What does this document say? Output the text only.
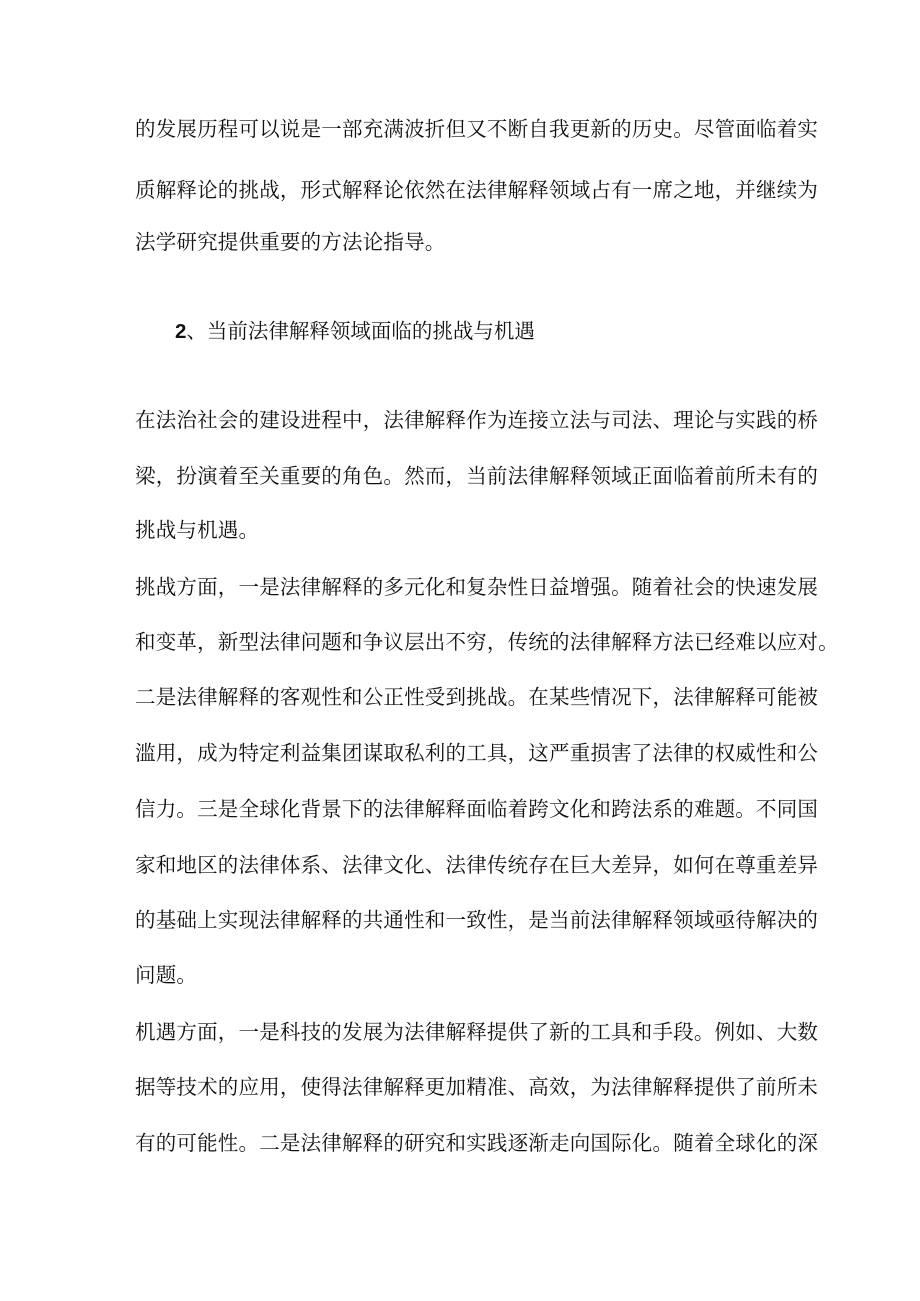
的发展历程可以说是一部充满波折但又不断自我更新的历史。尽管面临着实
质解释论的挑战，形式解释论依然在法律解释领域占有一席之地，并继续为
法学研究提供重要的方法论指导。
2、当前法律解释领域面临的挑战与机遇
在法治社会的建设进程中，法律解释作为连接立法与司法、理论与实践的桥
梁，扮演着至关重要的角色。然而，当前法律解释领域正面临着前所未有的
挑战与机遇。
挑战方面，一是法律解释的多元化和复杂性日益增强。随着社会的快速发展
和变革，新型法律问题和争议层出不穷，传统的法律解释方法已经难以应对。
二是法律解释的客观性和公正性受到挑战。在某些情况下，法律解释可能被
滥用，成为特定利益集团谋取私利的工具，这严重损害了法律的权威性和公
信力。三是全球化背景下的法律解释面临着跨文化和跨法系的难题。不同国
家和地区的法律体系、法律文化、法律传统存在巨大差异，如何在尊重差异
的基础上实现法律解释的共通性和一致性，是当前法律解释领域亟待解决的
问题。
机遇方面，一是科技的发展为法律解释提供了新的工具和手段。例如、大数
据等技术的应用，使得法律解释更加精准、高效，为法律解释提供了前所未
有的可能性。二是法律解释的研究和实践逐渐走向国际化。随着全球化的深
